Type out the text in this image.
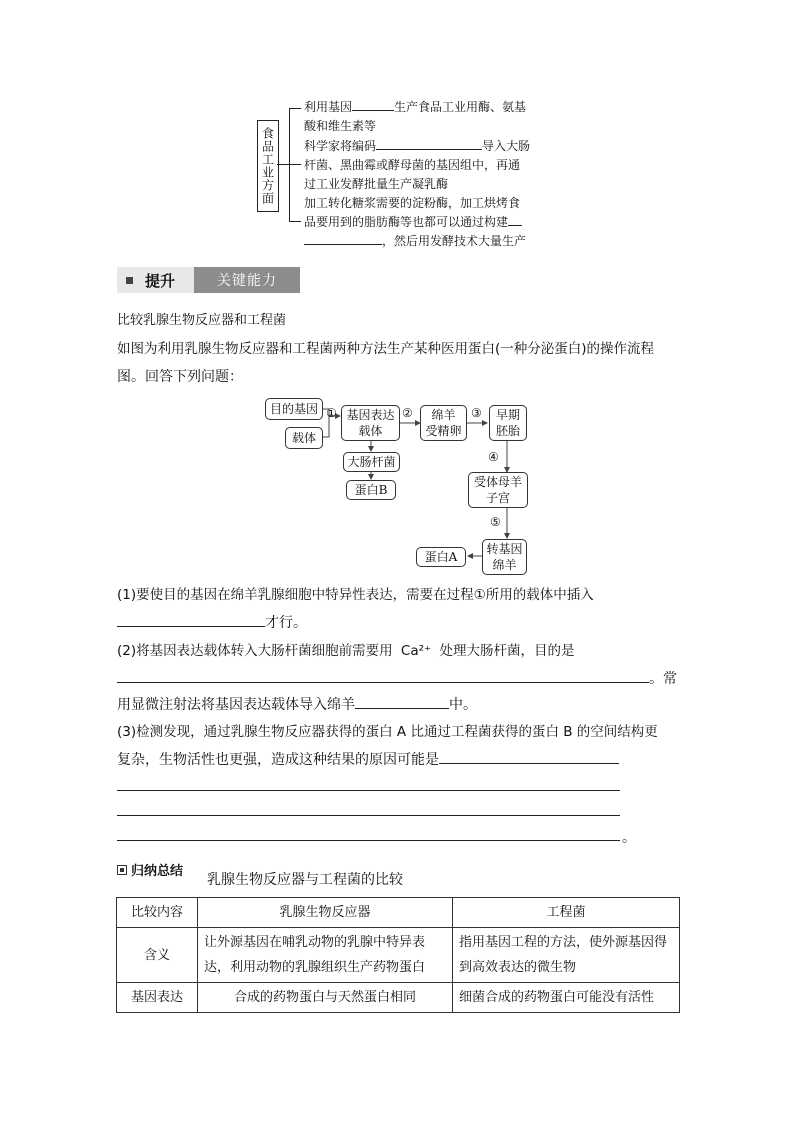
食品工业方面
利用基因	生产食品工业用酶、氨基
酸和维生素等
科学家将编码	导入大肠
杆菌、黑曲霉或酵母菌的基因组中，再通
过工业发酵批量生产凝乳酶
加工转化糖浆需要的淀粉酶，加工烘烤食
品要用到的脂肪酶等也都可以通过构建
，然后用发酵技术大量生产
提升	关键能力
比较乳腺生物反应器和工程菌
如图为利用乳腺生物反应器和工程菌两种方法生产某种医用蛋白(一种分泌蛋白)的操作流程
图。回答下列问题：
目的基因
载体
① 基因表达
载体
② 绵羊
受精卵
③ 早期
胚胎
大肠杆菌
蛋白B
④
受体母羊
子宫
⑤
转基因
绵羊
蛋白A
(1)要使目的基因在绵羊乳腺细胞中特异性表达，需要在过程①所用的载体中插入
才行。
(2)将基因表达载体转入大肠杆菌细胞前需要用 Ca²⁺ 处理大肠杆菌，目的是
。常
用显微注射法将基因表达载体导入绵羊	中。
(3)检测发现，通过乳腺生物反应器获得的蛋白 A 比通过工程菌获得的蛋白 B 的空间结构更
复杂，生物活性也更强，造成这种结果的原因可能是
。
归纳总结
乳腺生物反应器与工程菌的比较
比较内容	乳腺生物反应器	工程菌
含义	让外源基因在哺乳动物的乳腺中特异表达，利用动物的乳腺组织生产药物蛋白	指用基因工程的方法，使外源基因得到高效表达的微生物
基因表达	合成的药物蛋白与天然蛋白相同	细菌合成的药物蛋白可能没有活性
